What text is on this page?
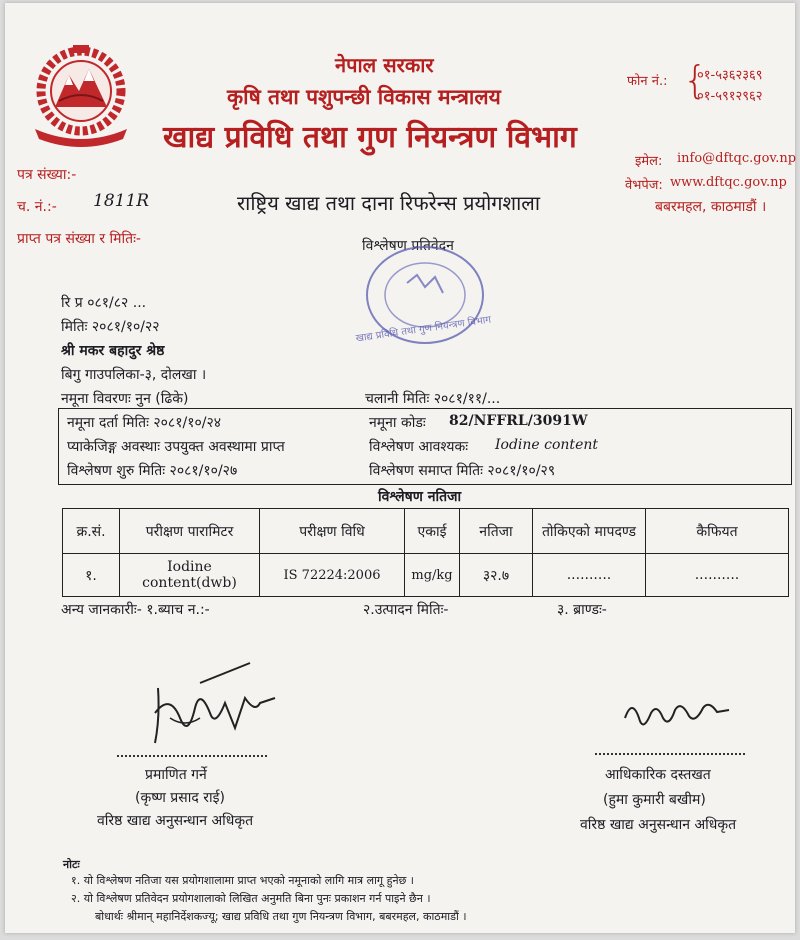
नेपाल सरकार
कृषि तथा पशुपन्छी विकास मन्त्रालय
खाद्य प्रविधि तथा गुण नियन्त्रण विभाग
फोन नं.: {
०१-५३६२३६९
०१-५९१२९६२
इमेल: info@dftqc.gov.np
वेभपेज: www.dftqc.gov.np
बबरमहल, काठमाडौं ।
पत्र संख्या:-
च. नं.:- 1811R
प्राप्त पत्र संख्या र मितिः-
राष्ट्रिय खाद्य तथा दाना रिफरेन्स प्रयोगशाला
विश्लेषण प्रतिवेदन
खाद्य प्रविधि तथा गुण नियन्त्रण विभाग
रि प्र ०८१/८२ ...
मितिः २०८१/१०/२२
श्री मकर बहादुर श्रेष्ठ
बिगु गाउपलिका-३, दोलखा ।
नमूना विवरणः नुन (ढिके)	चलानी मितिः २०८१/११/...
नमूना दर्ता मितिः २०८१/१०/२४	नमूना कोडः 82/NFFRL/3091W
प्याकेजिङ्ग अवस्थाः उपयुक्त अवस्थामा प्राप्त	विश्लेषण आवश्यकः Iodine content
विश्लेषण शुरु मितिः २०८१/१०/२७	विश्लेषण समाप्त मितिः २०८१/१०/२९
विश्लेषण नतिजा
क्र.सं.	परीक्षण पारामिटर	परीक्षण विधि	एकाई	नतिजा	तोकिएको मापदण्ड	कैफियत
१.	Iodine content(dwb)	IS 72224:2006	mg/kg	३२.७	..........	..........
अन्य जानकारीः- १.ब्याच न.:-	२.उत्पादन मितिः-	३. ब्राण्डः-
प्रमाणित गर्ने
(कृष्ण प्रसाद राई)
वरिष्ठ खाद्य अनुसन्धान अधिकृत
आधिकारिक दस्तखत
(हुमा कुमारी बखीम)
वरिष्ठ खाद्य अनुसन्धान अधिकृत
नोटः
१. यो विश्लेषण नतिजा यस प्रयोगशालामा प्राप्त भएको नमूनाको लागि मात्र लागू हुनेछ ।
२. यो विश्लेषण प्रतिवेदन प्रयोगशालाको लिखित अनुमति बिना पुनः प्रकाशन गर्न पाइने छैन ।
बोधार्थः श्रीमान् महानिर्देशकज्यू; खाद्य प्रविधि तथा गुण नियन्त्रण विभाग, बबरमहल, काठमाडौं ।
